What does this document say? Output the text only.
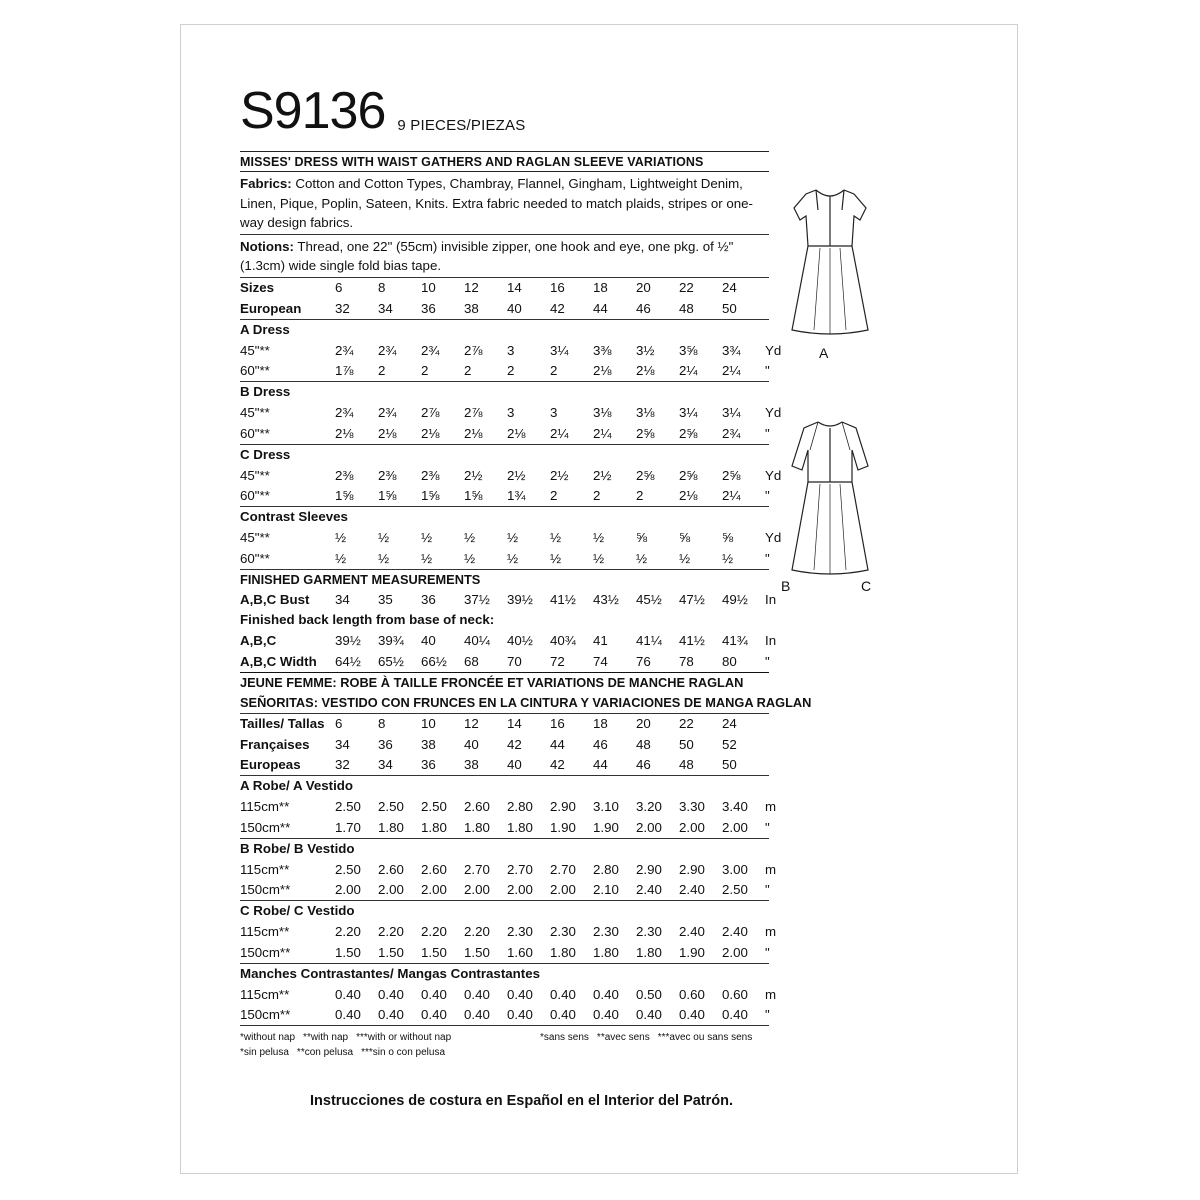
S9136 9 PIECES/PIEZAS
MISSES' DRESS WITH WAIST GATHERS AND RAGLAN SLEEVE VARIATIONS
Fabrics: Cotton and Cotton Types, Chambray, Flannel, Gingham, Lightweight Denim, Linen, Pique, Poplin, Sateen, Knits. Extra fabric needed to match plaids, stripes or one-way design fabrics.
Notions: Thread, one 22" (55cm) invisible zipper, one hook and eye, one pkg. of ½" (1.3cm) wide single fold bias tape.
Sizes	6	8	10	12	14	16	18	20	22	24
European	32	34	36	38	40	42	44	46	48	50
A Dress
45"**	2¾	2¾	2¾	2⅞	3	3¼	3⅜	3½	3⅝	3¾	Yd
60"**	1⅞	2	2	2	2	2	2⅛	2⅛	2¼	2¼	"
B Dress
45"**	2¾	2¾	2⅞	2⅞	3	3	3⅛	3⅛	3¼	3¼	Yd
60"**	2⅛	2⅛	2⅛	2⅛	2⅛	2¼	2¼	2⅝	2⅝	2¾	"
C Dress
45"**	2⅜	2⅜	2⅜	2½	2½	2½	2½	2⅝	2⅝	2⅝	Yd
60"**	1⅝	1⅝	1⅝	1⅝	1¾	2	2	2	2⅛	2¼	"
Contrast Sleeves
45"**	½	½	½	½	½	½	½	⅝	⅝	⅝	Yd
60"**	½	½	½	½	½	½	½	½	½	½	"
FINISHED GARMENT MEASUREMENTS
A,B,C Bust	34	35	36	37½	39½	41½	43½	45½	47½	49½	In
Finished back length from base of neck:
A,B,C	39½	39¾	40	40¼	40½	40¾	41	41¼	41½	41¾	In
A,B,C Width	64½	65½	66½	68	70	72	74	76	78	80	"
JEUNE FEMME: ROBE À TAILLE FRONCÉE ET VARIATIONS DE MANCHE RAGLAN
SEÑORITAS: VESTIDO CON FRUNCES EN LA CINTURA Y VARIACIONES DE MANGA RAGLAN
Tailles/ Tallas 6	8	10	12	14	16	18	20	22	24
Françaises	34	36	38	40	42	44	46	48	50	52
Europeas	32	34	36	38	40	42	44	46	48	50
A Robe/ A Vestido
115cm**	2.50	2.50	2.50	2.60	2.80	2.90	3.10	3.20	3.30	3.40	m
150cm**	1.70	1.80	1.80	1.80	1.80	1.90	1.90	2.00	2.00	2.00	"
B Robe/ B Vestido
115cm**	2.50	2.60	2.60	2.70	2.70	2.70	2.80	2.90	2.90	3.00	m
150cm**	2.00	2.00	2.00	2.00	2.00	2.00	2.10	2.40	2.40	2.50	"
C Robe/ C Vestido
115cm**	2.20	2.20	2.20	2.20	2.30	2.30	2.30	2.30	2.40	2.40	m
150cm**	1.50	1.50	1.50	1.50	1.60	1.80	1.80	1.80	1.90	2.00	"
Manches Contrastantes/ Mangas Contrastantes
115cm**	0.40	0.40	0.40	0.40	0.40	0.40	0.40	0.50	0.60	0.60	m
150cm**	0.40	0.40	0.40	0.40	0.40	0.40	0.40	0.40	0.40	0.40	"
*without nap **with nap ***with or without nap
*sin pelusa **con pelusa ***sin o con pelusa
*sans sens **avec sens ***avec ou sans sens
Instrucciones de costura en Español en el Interior del Patrón.
A
B	C
